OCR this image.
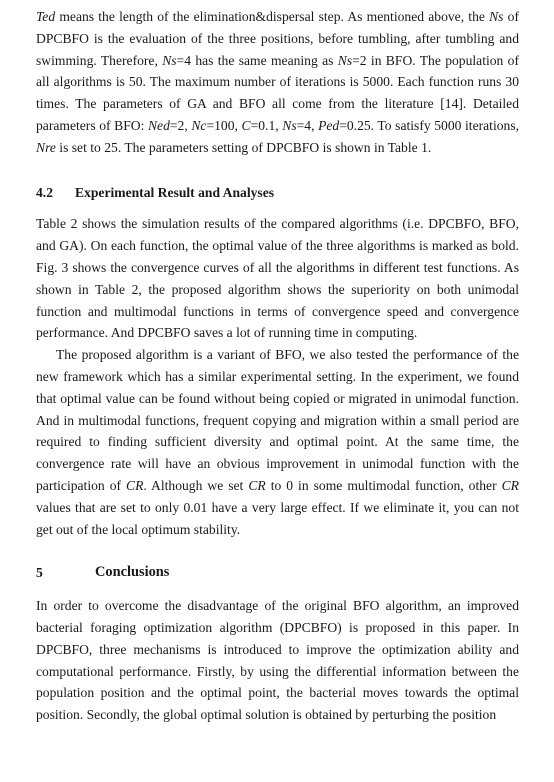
Ted means the length of the elimination&dispersal step. As mentioned above, the Ns of DPCBFO is the evaluation of the three positions, before tumbling, after tumbling and swimming. Therefore, Ns=4 has the same meaning as Ns=2 in BFO. The population of all algorithms is 50. The maximum number of iterations is 5000. Each function runs 30 times. The parameters of GA and BFO all come from the literature [14]. Detailed parameters of BFO: Ned=2, Nc=100, C=0.1, Ns=4, Ped=0.25. To satisfy 5000 iterations, Nre is set to 25. The parameters setting of DPCBFO is shown in Table 1.

4.2	Experimental Result and Analyses

Table 2 shows the simulation results of the compared algorithms (i.e. DPCBFO, BFO, and GA). On each function, the optimal value of the three algorithms is marked as bold. Fig. 3 shows the convergence curves of all the algorithms in different test functions. As shown in Table 2, the proposed algorithm shows the superiority on both unimodal function and multimodal functions in terms of convergence speed and convergence performance. And DPCBFO saves a lot of running time in computing.

The proposed algorithm is a variant of BFO, we also tested the performance of the new framework which has a similar experimental setting. In the experiment, we found that optimal value can be found without being copied or migrated in unimodal function. And in multimodal functions, frequent copying and migration within a small period are required to finding sufficient diversity and optimal point. At the same time, the convergence rate will have an obvious improvement in unimodal function with the participation of CR. Although we set CR to 0 in some multimodal function, other CR values that are set to only 0.01 have a very large effect. If we eliminate it, you can not get out of the local optimum stability.

5	Conclusions

In order to overcome the disadvantage of the original BFO algorithm, an improved bacterial foraging optimization algorithm (DPCBFO) is proposed in this paper. In DPCBFO, three mechanisms is introduced to improve the optimization ability and computational performance. Firstly, by using the differential information between the population position and the optimal point, the bacterial moves towards the optimal position. Secondly, the global optimal solution is obtained by perturbing the position
